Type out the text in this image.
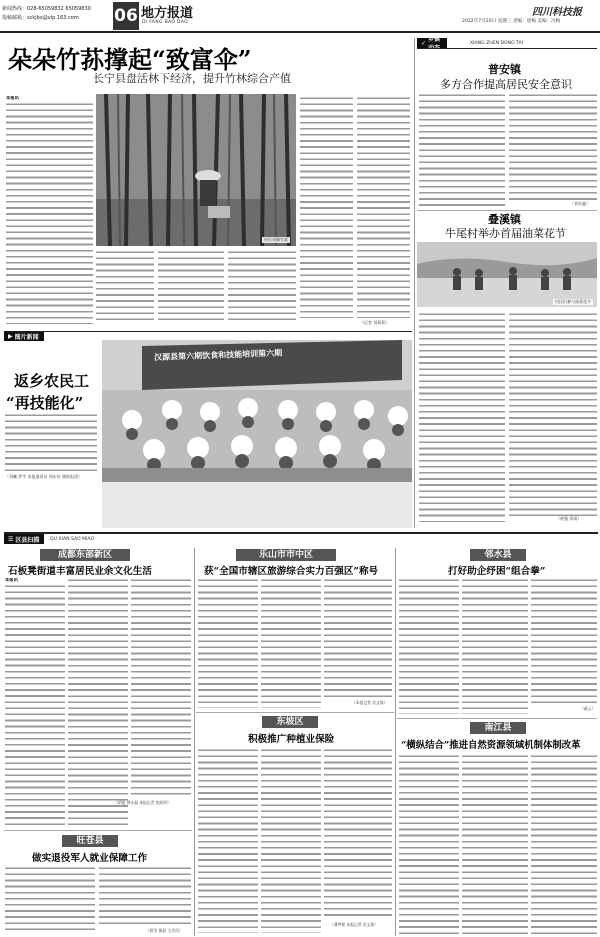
新闻热线：028-65059832 65059830
投稿邮箱：sckjbx@vip.163.com 06 地方报道
DI FANG BAO DAO
四川科技报
2022年7月20日 星期三 责编：唐梅 美编：冯梅
朵朵竹荪撑起“致富伞”
长宁县盘活林下经济，提升竹林综合产值
村民采摘竹荪
本报讯
（记者 刘莉莉）
✓ 乡镇
XIANG ZHEN DONG TAI
普安镇
多方合作提高居民安全意识
（刘泉鑫）
叠溪镇
牛尾村举办首届油菜花节
村民们参与油菜花节
（黄强 刘靖）
▶ 图片新闻
返乡农民工
“再技能化”
（刘曦 罗雪 本报通讯员 周宏轩 摄影报道）
汉源县第六期饮食和技能培训第六期
☰ 区县扫描 QU XIAN SAO MIAO
成都东部新区
石板凳街道丰富居民业余文化生活
本报讯
（胡旭 曾永磊 本报记者 张跃明）
旺苍县
做实退役军人就业保障工作
（蒋雪 熊晨 王彦昌）
乐山市市中区
获“全国市辖区旅游综合实力百强区”称号
（本报记者 苏文保）
东坡区
积极推广种植业保险
（蒲梦瑶 本报记者 苏文保）
邻水县
打好助企纾困“组合拳”
（戚云）
南江县
“横纵结合”推进自然资源领域机制体制改革
